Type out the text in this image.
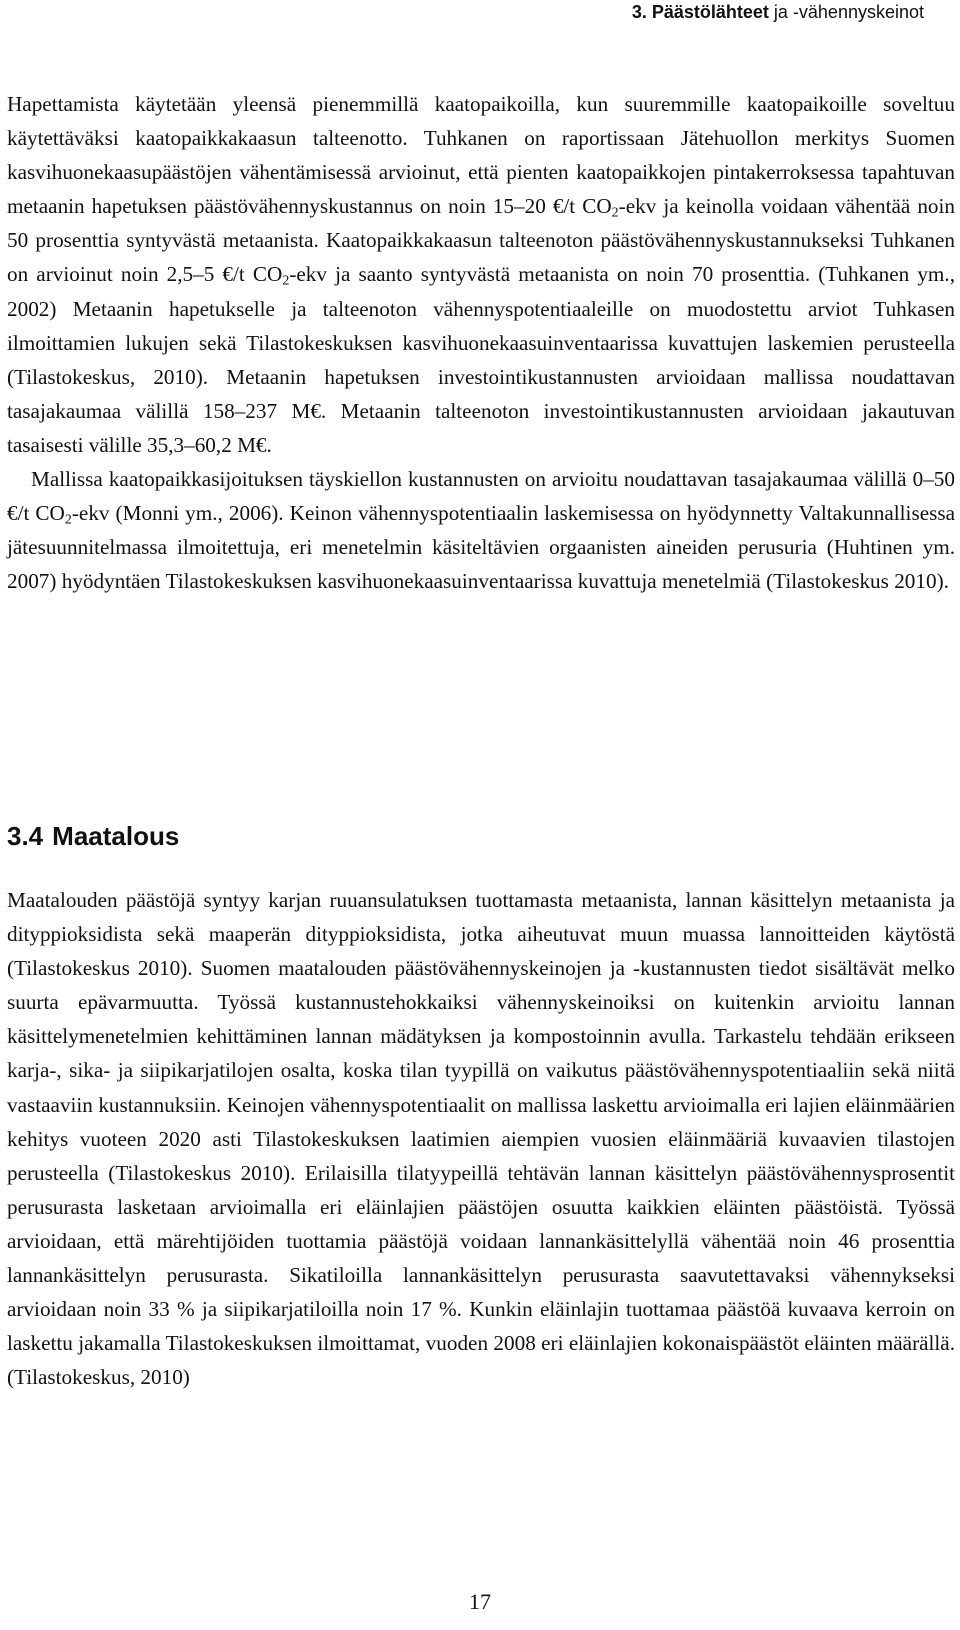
3. Päästölähteet ja -vähennyskeinot

Hapettamista käytetään yleensä pienemmillä kaatopaikoilla, kun suuremmille kaatopaikoille soveltuu käytettäväksi kaatopaikkakaasun talteenotto. Tuhkanen on raportissaan Jätehuollon merkitys Suomen kasvihuonekaasupäästöjen vähentämisessä arvioinut, että pienten kaatopaikkojen pintakerroksessa tapahtuvan metaanin hapetuksen päästövähennyskustannus on noin 15–20 €/t $CO_2$-ekv ja keinolla voidaan vähentää noin 50 prosenttia syntyvästä metaanista. Kaatopaikkakaasun talteenoton päästövähennyskustannukseksi Tuhkanen on arvioinut noin 2,5–5 €/t $CO_2$-ekv ja saanto syntyvästä metaanista on noin 70 prosenttia. (Tuhkanen ym., 2002) Metaanin hapetukselle ja talteenoton vähennyspotentiaaleille on muodostettu arviot Tuhkasen ilmoittamien lukujen sekä Tilastokeskuksen kasvihuonekaasuinventaarissa kuvattujen laskemien perusteella (Tilastokeskus, 2010). Metaanin hapetuksen investointikustannusten arvioidaan mallissa noudattavan tasajakaumaa välillä 158–237 M€. Metaanin talteenoton investointikustannusten arvioidaan jakautuvan tasaisesti välille 35,3–60,2 M€.

Mallissa kaatopaikkasijoituksen täyskiellon kustannusten on arvioitu noudattavan tasajakaumaa välillä 0–50 €/t $CO_2$-ekv (Monni ym., 2006). Keinon vähennyspotentiaalin laskemisessa on hyödynnetty Valtakunnallisessa jätesuunnitelmassa ilmoitettuja, eri menetelmin käsiteltävien orgaanisten aineiden perusuria (Huhtinen ym. 2007) hyödyntäen Tilastokeskuksen kasvihuonekaasuinventaarissa kuvattuja menetelmiä (Tilastokeskus 2010).

3.4 Maatalous

Maatalouden päästöjä syntyy karjan ruuansulatuksen tuottamasta metaanista, lannan käsittelyn metaanista ja dityppioksidista sekä maaperän dityppioksidista, jotka aiheutuvat muun muassa lannoitteiden käytöstä (Tilastokeskus 2010). Suomen maatalouden päästövähennyskeinojen ja -kustannusten tiedot sisältävät melko suurta epävarmuutta. Työssä kustannustehokkaiksi vähennyskeinoiksi on kuitenkin arvioitu lannan käsittelymenetelmien kehittäminen lannan mädätyksen ja kompostoinnin avulla. Tarkastelu tehdään erikseen karja-, sika- ja siipikarjatilojen osalta, koska tilan tyypillä on vaikutus päästövähennyspotentiaaliin sekä niitä vastaaviin kustannuksiin. Keinojen vähennyspotentiaalit on mallissa laskettu arvioimalla eri lajien eläinmäärien kehitys vuoteen 2020 asti Tilastokeskuksen laatimien aiempien vuosien eläinmääriä kuvaavien tilastojen perusteella (Tilastokeskus 2010). Erilaisilla tilatyypeillä tehtävän lannan käsittelyn päästövähennysprosentit perusurasta lasketaan arvioimalla eri eläinlajien päästöjen osuutta kaikkien eläinten päästöistä. Työssä arvioidaan, että märehtijöiden tuottamia päästöjä voidaan lannankäsittelyllä vähentää noin 46 prosenttia lannankäsittelyn perusurasta. Sikatiloilla lannankäsittelyn perusurasta saavutettavaksi vähennykseksi arvioidaan noin 33 % ja siipikarjatiloilla noin 17 %. Kunkin eläinlajin tuottamaa päästöä kuvaava kerroin on laskettu jakamalla Tilastokeskuksen ilmoittamat, vuoden 2008 eri eläinlajien kokonaispäästöt eläinten määrällä. (Tilastokeskus, 2010)

17
